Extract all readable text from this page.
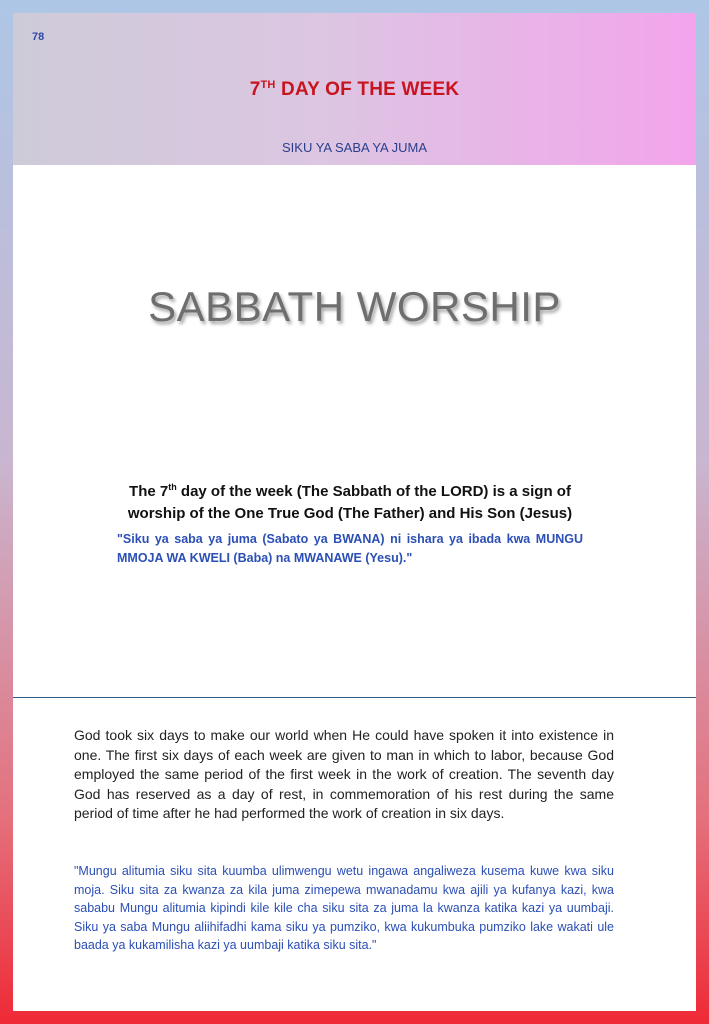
78
7TH DAY OF THE WEEK
SIKU YA SABA YA JUMA
SABBATH WORSHIP
The 7th day of the week (The Sabbath of the LORD) is a sign of worship of the One True God (The Father) and His Son (Jesus)
"Siku ya saba ya juma (Sabato ya BWANA) ni ishara ya ibada kwa MUNGU MMOJA WA KWELI (Baba) na MWANAWE (Yesu)."
God took six days to make our world when He could have spoken it into existence in one. The first six days of each week are given to man in which to labor, because God employed the same period of the first week in the work of creation. The seventh day God has reserved as a day of rest, in commemoration of his rest during the same period of time after he had performed the work of creation in six days.
"Mungu alitumia siku sita kuumba ulimwengu wetu ingawa angaliweza kusema kuwe kwa siku moja. Siku sita za kwanza za kila juma zimepewa mwanadamu kwa ajili ya kufanya kazi, kwa sababu Mungu alitumia kipindi kile kile cha siku sita za juma la kwanza katika kazi ya uumbaji. Siku ya saba Mungu aliihifadhi kama siku ya pumziko, kwa kukumbuka pumziko lake wakati ule baada ya kukamilisha kazi ya uumbaji katika siku sita."
